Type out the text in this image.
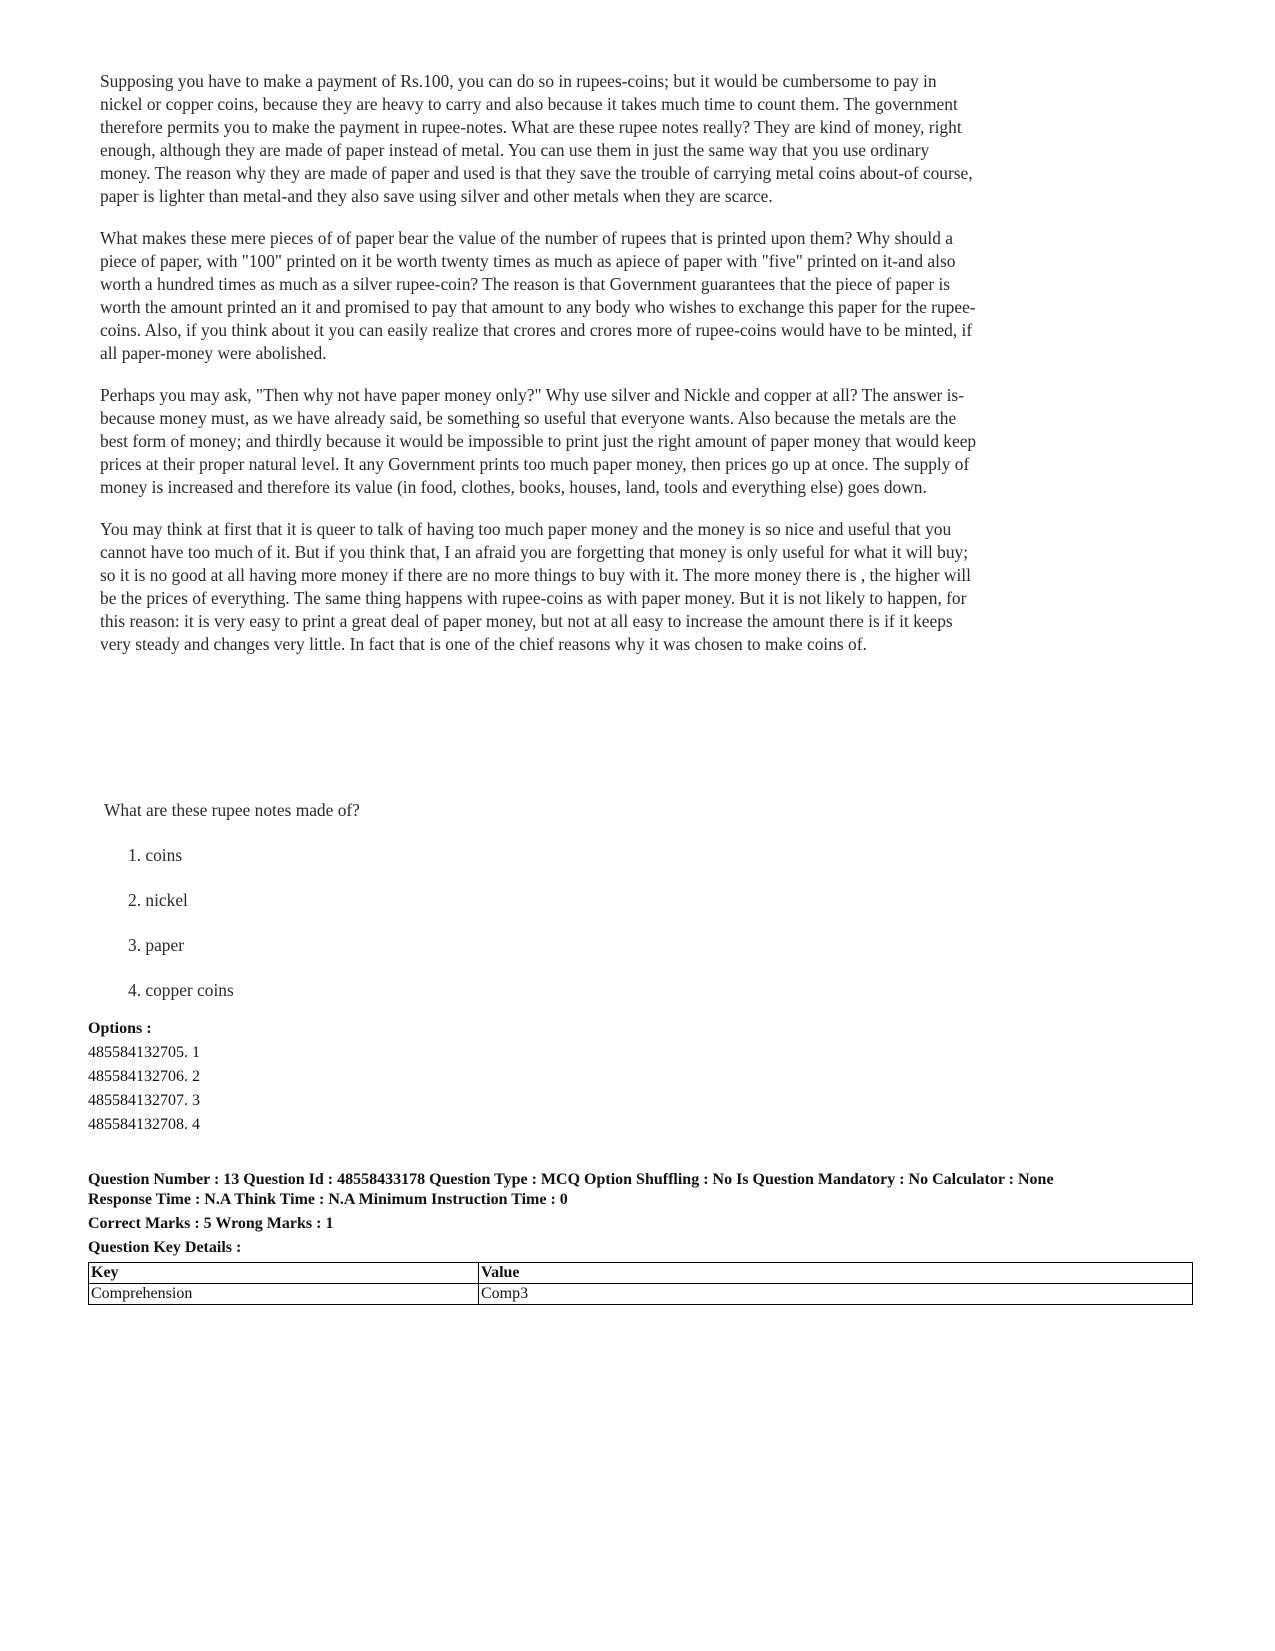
Supposing you have to make a payment of Rs.100, you can do so in rupees-coins; but it would be cumbersome to pay in nickel or copper coins, because they are heavy to carry and also because it takes much time to count them. The government therefore permits you to make the payment in rupee-notes. What are these rupee notes really? They are kind of money, right enough, although they are made of paper instead of metal. You can use them in just the same way that you use ordinary money. The reason why they are made of paper and used is that they save the trouble of carrying metal coins about-of course, paper is lighter than metal-and they also save using silver and other metals when they are scarce.

What makes these mere pieces of of paper bear the value of the number of rupees that is printed upon them? Why should a piece of paper, with "100" printed on it be worth twenty times as much as apiece of paper with "five" printed on it-and also worth a hundred times as much as a silver rupee-coin? The reason is that Government guarantees that the piece of paper is worth the amount printed an it and promised to pay that amount to any body who wishes to exchange this paper for the rupee-coins. Also, if you think about it you can easily realize that crores and crores more of rupee-coins would have to be minted, if all paper-money were abolished.

Perhaps you may ask, "Then why not have paper money only?" Why use silver and Nickle and copper at all? The answer is-because money must, as we have already said, be something so useful that everyone wants. Also because the metals are the best form of money; and thirdly because it would be impossible to print just the right amount of paper money that would keep prices at their proper natural level. It any Government prints too much paper money, then prices go up at once. The supply of money is increased and therefore its value (in food, clothes, books, houses, land, tools and everything else) goes down.

You may think at first that it is queer to talk of having too much paper money and the money is so nice and useful that you cannot have too much of it. But if you think that, I an afraid you are forgetting that money is only useful for what it will buy; so it is no good at all having more money if there are no more things to buy with it. The more money there is , the higher will be the prices of everything. The same thing happens with rupee-coins as with paper money. But it is not likely to happen, for this reason: it is very easy to print a great deal of paper money, but not at all easy to increase the amount there is if it keeps very steady and changes very little. In fact that is one of the chief reasons why it was chosen to make coins of.

What are these rupee notes made of?
1. coins
2. nickel
3. paper
4. copper coins
Options :
485584132705. 1
485584132706. 2
485584132707. 3
485584132708. 4
Question Number : 13 Question Id : 48558433178 Question Type : MCQ Option Shuffling : No Is Question Mandatory : No Calculator : None
Response Time : N.A Think Time : N.A Minimum Instruction Time : 0
Correct Marks : 5 Wrong Marks : 1
Question Key Details :
Key	Value
Comprehension	Comp3
